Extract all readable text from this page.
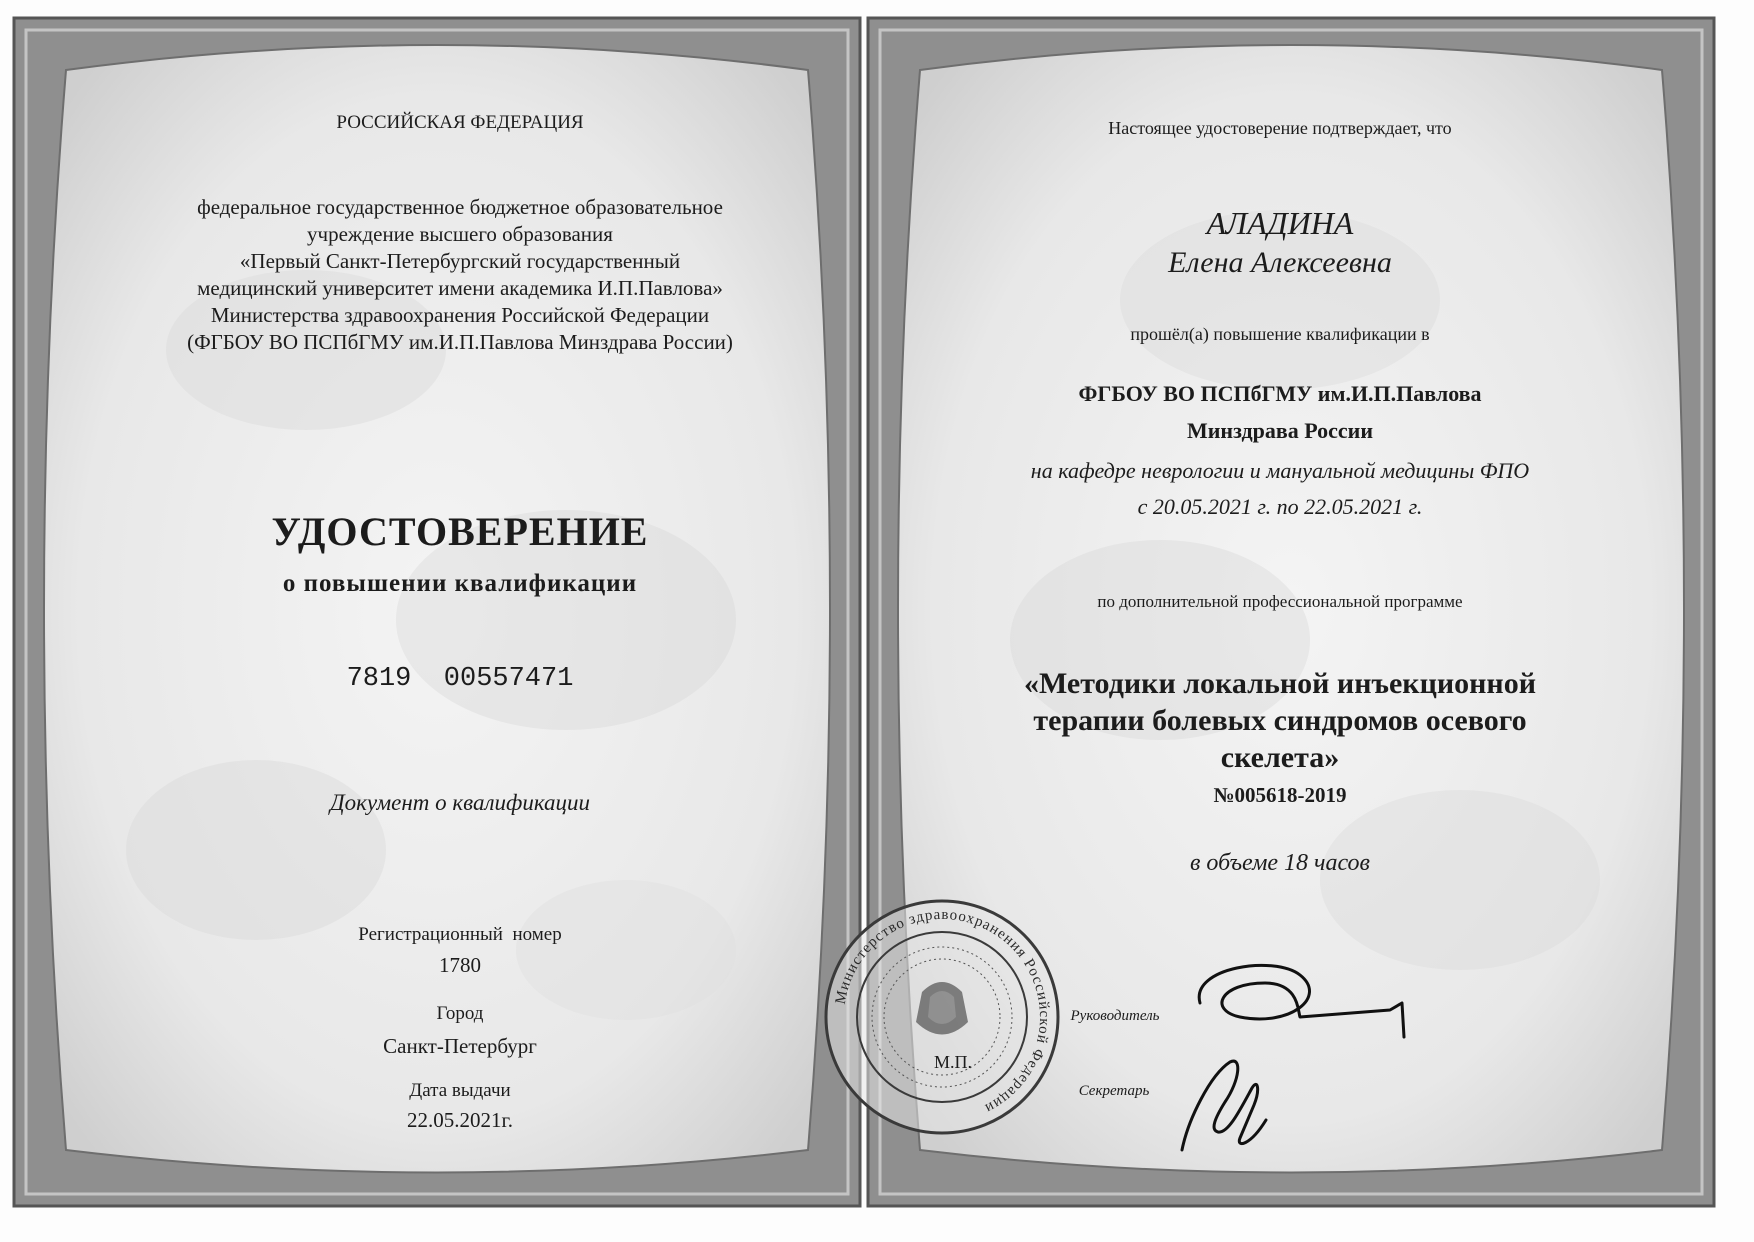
РОССИЙСКАЯ ФЕДЕРАЦИЯ
федеральное государственное бюджетное образовательное
учреждение высшего образования
«Первый Санкт-Петербургский государственный
медицинский университет имени академика И.П.Павлова»
Министерства здравоохранения Российской Федерации
(ФГБОУ ВО ПСПбГМУ им.И.П.Павлова Минздрава России)
УДОСТОВЕРЕНИЕ
о повышении квалификации
7819  00557471
Документ о квалификации
Регистрационный  номер
1780
Город
Санкт-Петербург
Дата выдачи
22.05.2021г.
Настоящее удостоверение подтверждает, что
АЛАДИНА
Елена Алексеевна
прошёл(а) повышение квалификации в
ФГБОУ ВО ПСПбГМУ им.И.П.Павлова
Минздрава России
на кафедре неврологии и мануальной медицины ФПО
с 20.05.2021 г. по 22.05.2021 г.
по дополнительной профессиональной программе
«Методики локальной инъекционной
терапии болевых синдромов осевого
скелета»
№005618-2019
в объеме 18 часов
Министерство здравоохранения Российской Федерации
М.П.
Руководитель
Секретарь
